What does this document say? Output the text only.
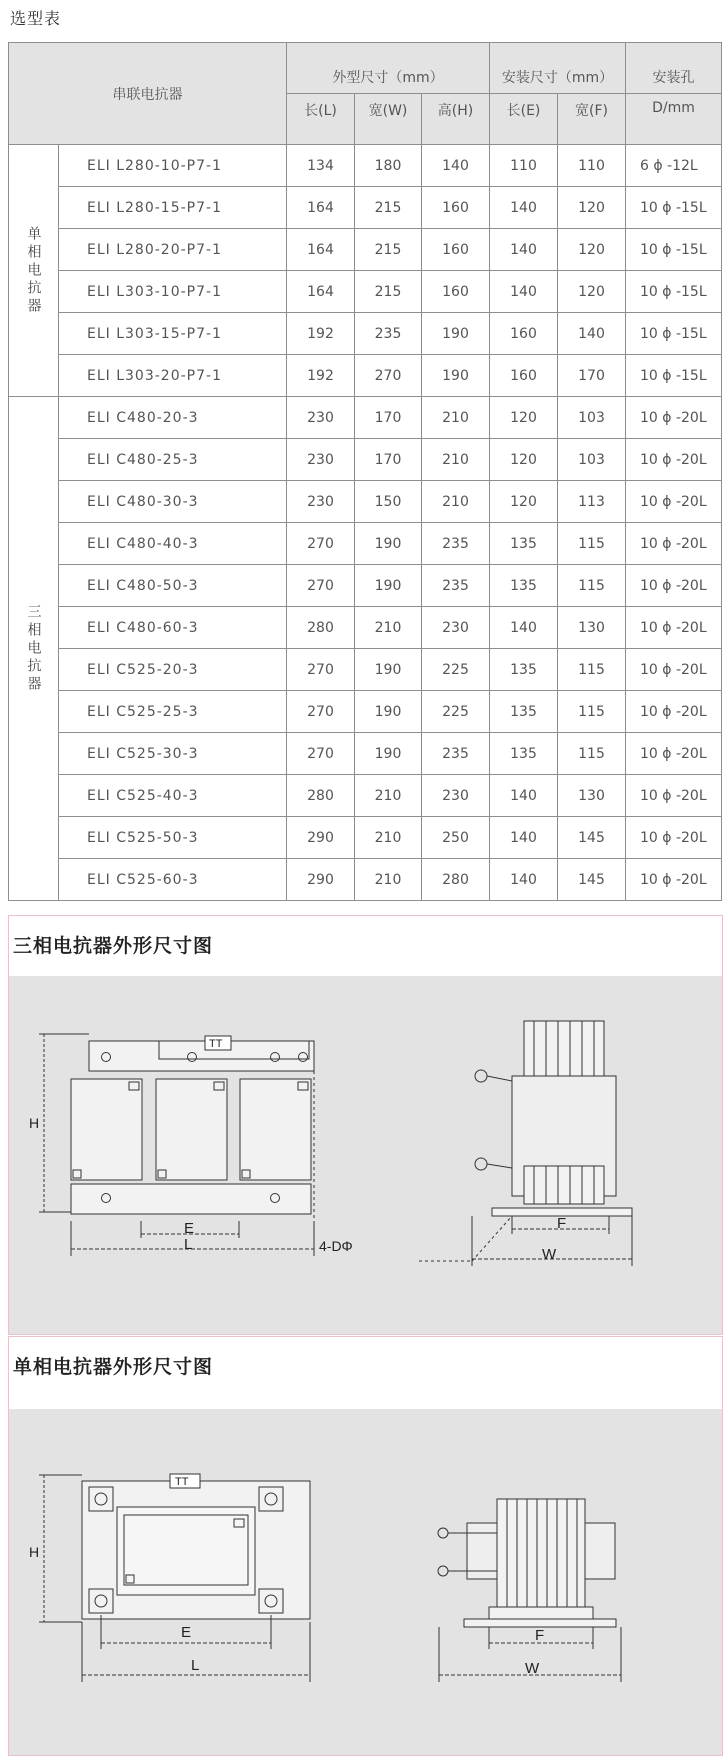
选型表
串联电抗器		外型尺寸（mm）			安装尺寸（mm）		安装孔
		长(L)	宽(W)	高(H)	长(E)	宽(F)	D/mm
单相电抗器	ELI L280-10-P7-1	134	180	140	110	110	6 ϕ -12L
	ELI L280-15-P7-1	164	215	160	140	120	10 ϕ -15L
	ELI L280-20-P7-1	164	215	160	140	120	10 ϕ -15L
	ELI L303-10-P7-1	164	215	160	140	120	10 ϕ -15L
	ELI L303-15-P7-1	192	235	190	160	140	10 ϕ -15L
	ELI L303-20-P7-1	192	270	190	160	170	10 ϕ -15L
三相电抗器	ELI C480-20-3	230	170	210	120	103	10 ϕ -20L
	ELI C480-25-3	230	170	210	120	103	10 ϕ -20L
	ELI C480-30-3	230	150	210	120	113	10 ϕ -20L
	ELI C480-40-3	270	190	235	135	115	10 ϕ -20L
	ELI C480-50-3	270	190	235	135	115	10 ϕ -20L
	ELI C480-60-3	280	210	230	140	130	10 ϕ -20L
	ELI C525-20-3	270	190	225	135	115	10 ϕ -20L
	ELI C525-25-3	270	190	225	135	115	10 ϕ -20L
	ELI C525-30-3	270	190	235	135	115	10 ϕ -20L
	ELI C525-40-3	280	210	230	140	130	10 ϕ -20L
	ELI C525-50-3	290	210	250	140	145	10 ϕ -20L
	ELI C525-60-3	290	210	280	140	145	10 ϕ -20L
三相电抗器外形尺寸图
H
E
L	4-DΦ
TT
F
W
单相电抗器外形尺寸图
H
E
L
TT
F
W
